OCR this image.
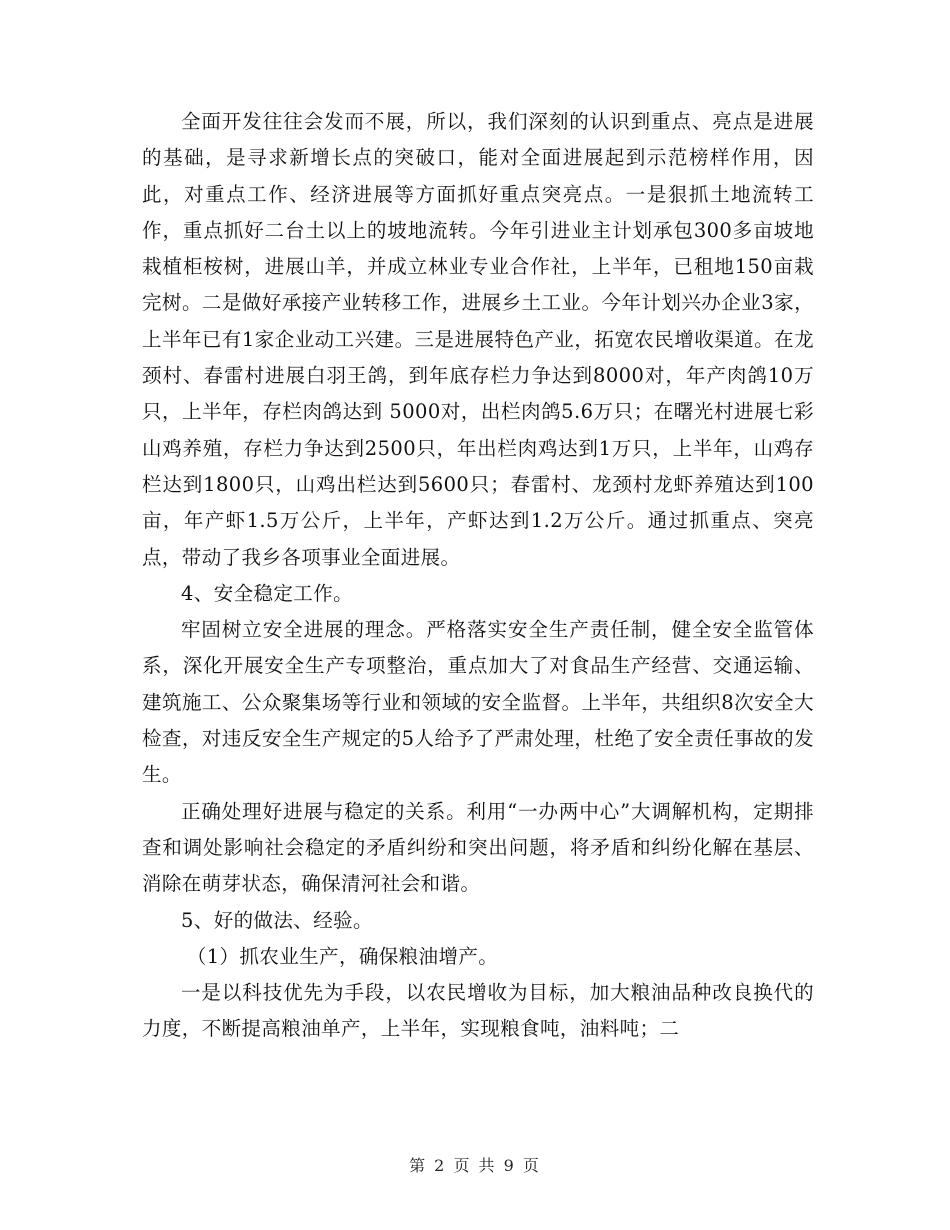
全面开发往往会发而不展，所以，我们深刻的认识到重点、亮点是进展的基础，是寻求新增长点的突破口，能对全面进展起到示范榜样作用，因此，对重点工作、经济进展等方面抓好重点突亮点。一是狠抓土地流转工作，重点抓好二台土以上的坡地流转。今年引进业主计划承包300多亩坡地栽植柜桉树，进展山羊，并成立林业专业合作社，上半年，已租地150亩栽完树。二是做好承接产业转移工作，进展乡土工业。今年计划兴办企业3家，上半年已有1家企业动工兴建。三是进展特色产业，拓宽农民增收渠道。在龙颈村、春雷村进展白羽王鸽，到年底存栏力争达到8000对，年产肉鸽10万只，上半年，存栏肉鸽达到 5000对，出栏肉鸽5.6万只；在曙光村进展七彩山鸡养殖，存栏力争达到2500只，年出栏肉鸡达到1万只，上半年，山鸡存栏达到1800只，山鸡出栏达到5600只；春雷村、龙颈村龙虾养殖达到100亩，年产虾1.5万公斤，上半年，产虾达到1.2万公斤。通过抓重点、突亮点，带动了我乡各项事业全面进展。

4、安全稳定工作。

牢固树立安全进展的理念。严格落实安全生产责任制，健全安全监管体系，深化开展安全生产专项整治，重点加大了对食品生产经营、交通运输、建筑施工、公众聚集场等行业和领域的安全监督。上半年，共组织8次安全大检查，对违反安全生产规定的5人给予了严肃处理，杜绝了安全责任事故的发生。

正确处理好进展与稳定的关系。利用“一办两中心”大调解机构，定期排查和调处影响社会稳定的矛盾纠纷和突出问题，将矛盾和纠纷化解在基层、消除在萌芽状态，确保清河社会和谐。

5、好的做法、经验。

（1）抓农业生产，确保粮油增产。

一是以科技优先为手段，以农民增收为目标，加大粮油品种改良换代的力度，不断提高粮油单产，上半年，实现粮食吨，油料吨；二

第 2 页 共 9 页
